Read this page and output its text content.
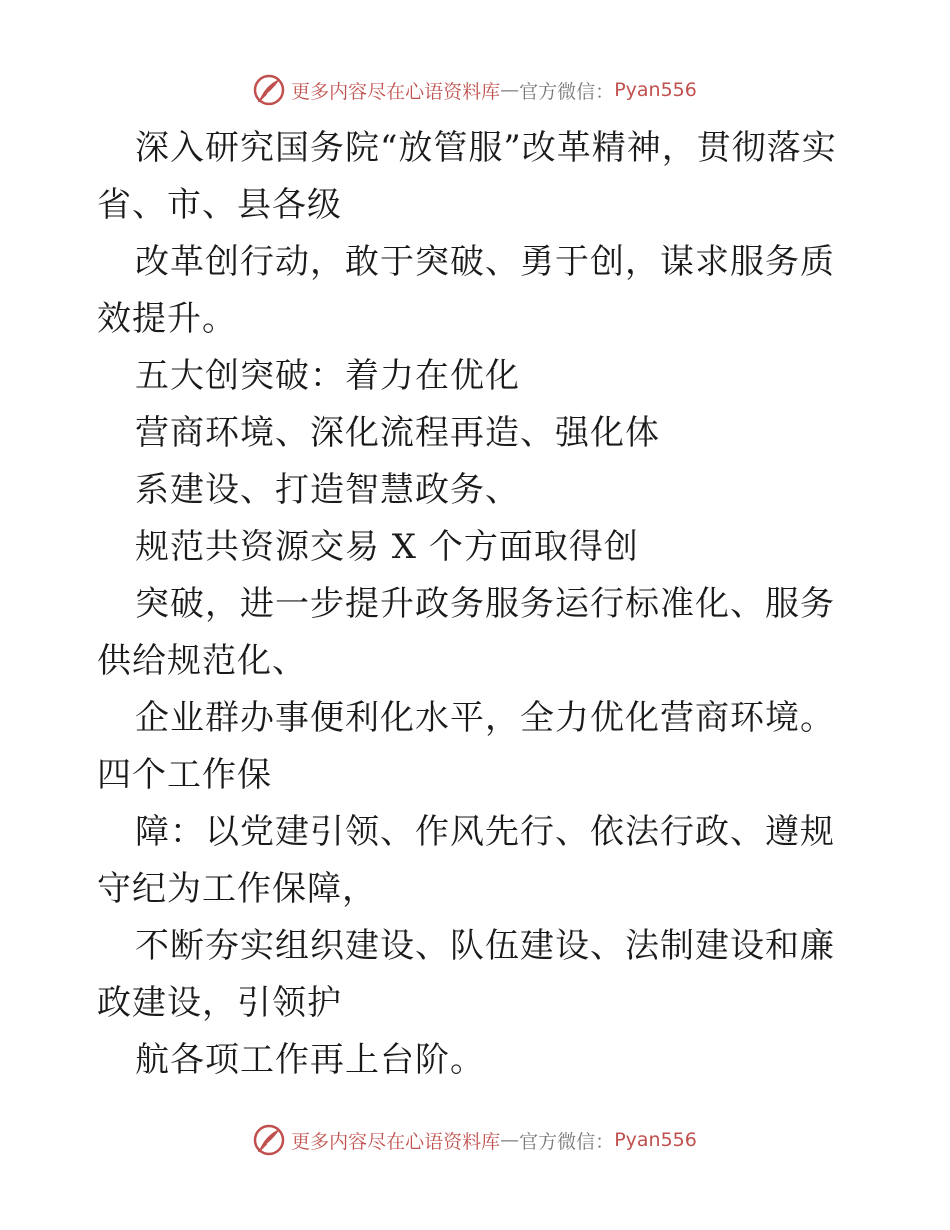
更多内容尽在心语资料库 — 官方微信： Pyan556

深入研究国务院“放管服”改革精神，贯彻落实省、市、县各级

改革创行动，敢于突破、勇于创，谋求服务质效提升。

五大创突破：着力在优化

营商环境、深化流程再造、强化体

系建设、打造智慧政务、

规范共资源交易 X 个方面取得创

突破，进一步提升政务服务运行标准化、服务供给规范化、

企业群办事便利化水平，全力优化营商环境。四个工作保

障：以党建引领、作风先行、依法行政、遵规守纪为工作保障，

不断夯实组织建设、队伍建设、法制建设和廉政建设，引领护

航各项工作再上台阶。

更多内容尽在心语资料库 — 官方微信： Pyan556
